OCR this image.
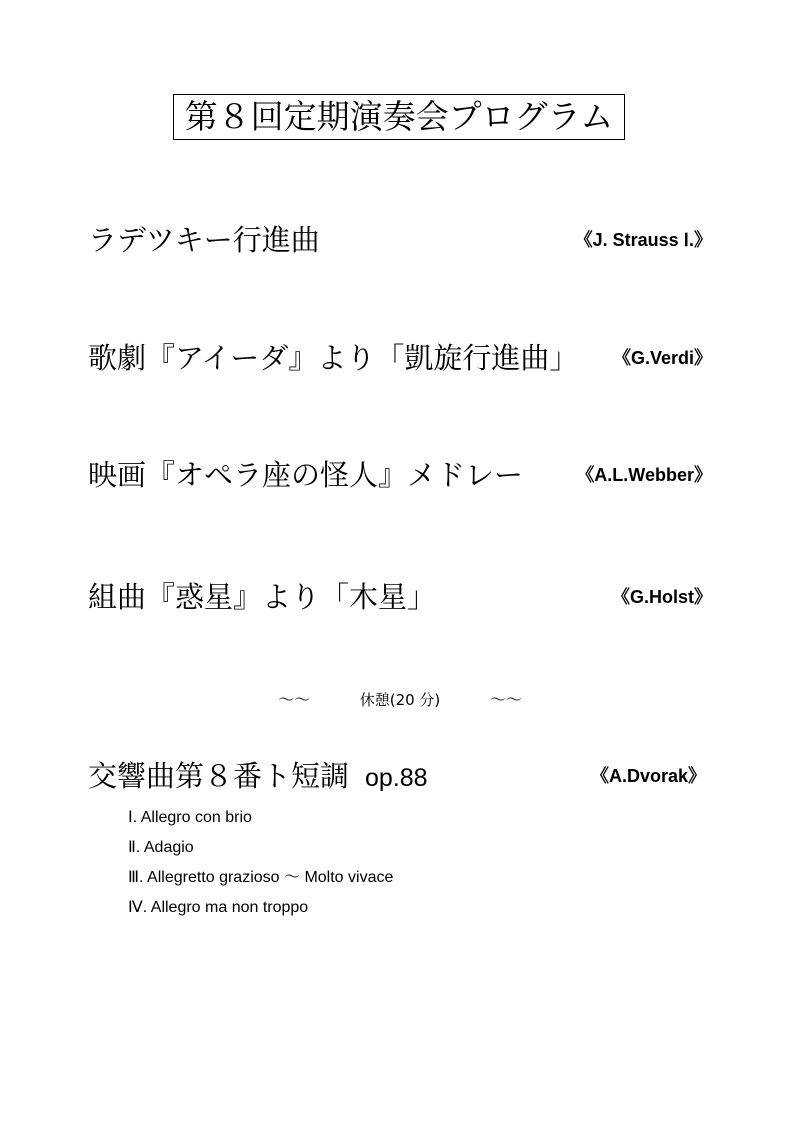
第８回定期演奏会プログラム
ラデツキー行進曲	《J. Strauss Ⅰ.》
歌劇『アイーダ』より「凱旋行進曲」 《G.Verdi》
映画『オペラ座の怪人』メドレー	《A.L.Webber》
組曲『惑星』より「木星」	《G.Holst》
～～	休憩(20 分)	～～
交響曲第８番ト短調 op.88	《A.Dvorak》
Ⅰ. Allegro con brio
Ⅱ. Adagio
Ⅲ. Allegretto grazioso ～ Molto vivace
Ⅳ. Allegro ma non troppo
